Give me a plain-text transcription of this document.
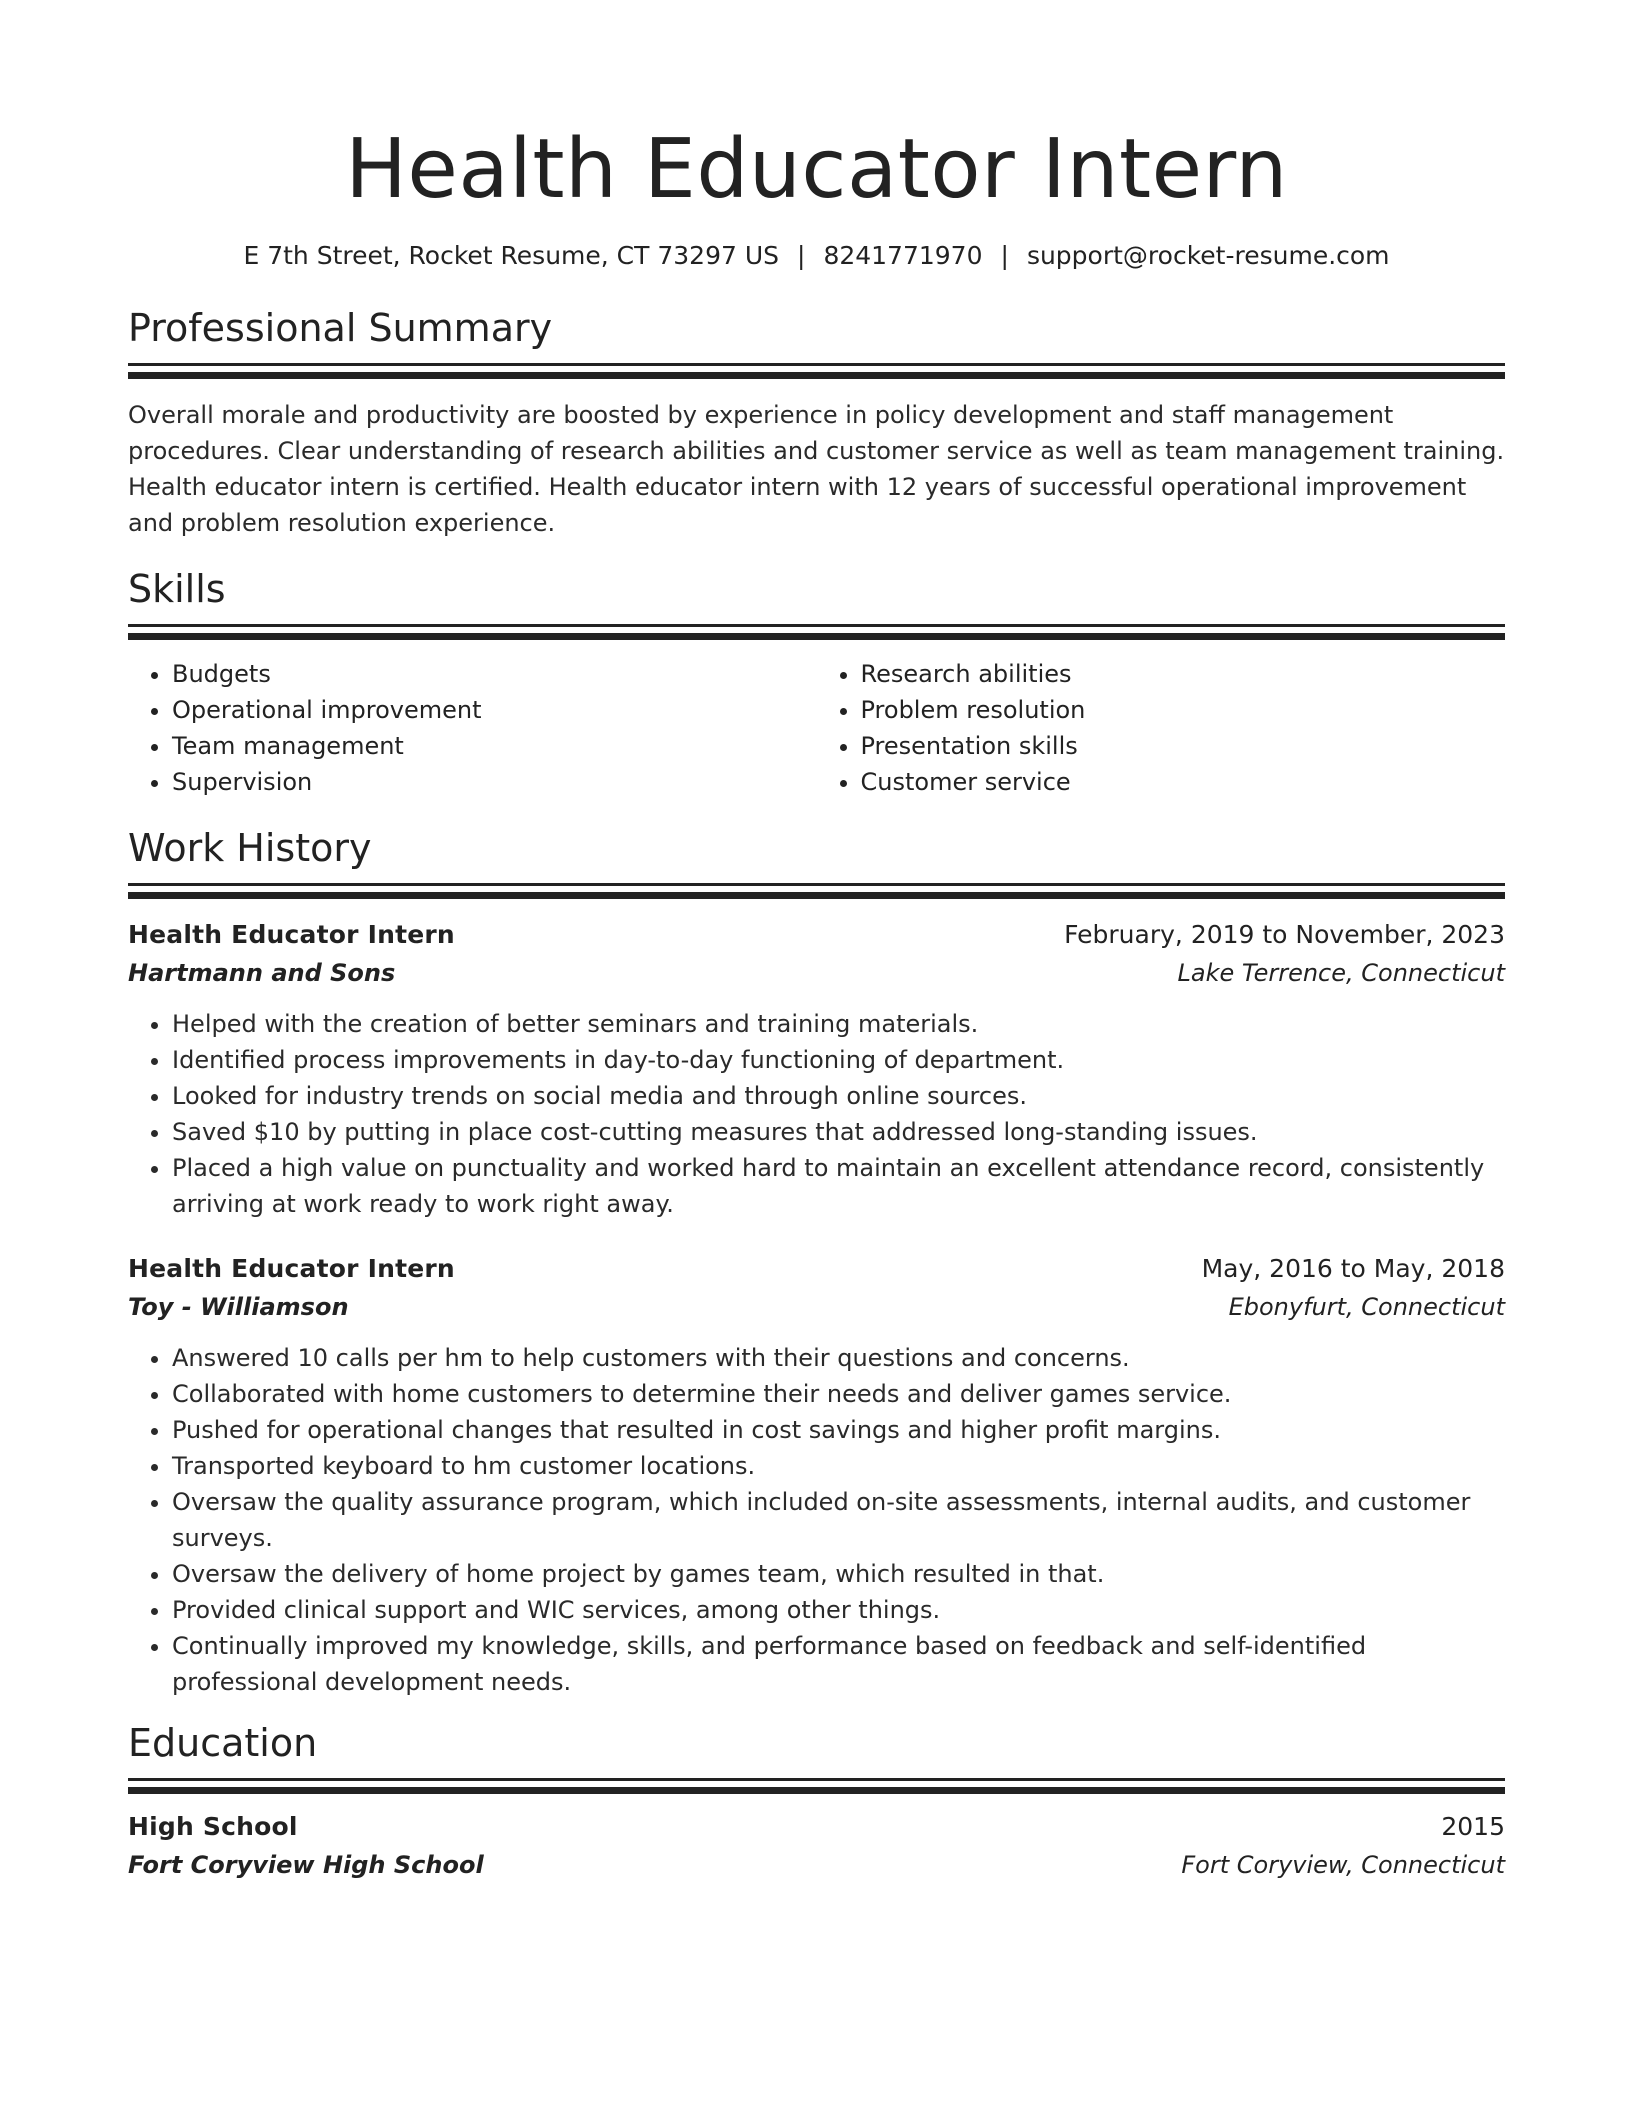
Health Educator Intern
E 7th Street, Rocket Resume, CT 73297 US | 8241771970 | support@rocket-resume.com
Professional Summary

Overall morale and productivity are boosted by experience in policy development and staff management procedures. Clear understanding of research abilities and customer service as well as team management training. Health educator intern is certified. Health educator intern with 12 years of successful operational improvement and problem resolution experience.

Skills
• Budgets
• Operational improvement
• Team management
• Supervision
• Research abilities
• Problem resolution
• Presentation skills
• Customer service
Work History
Health Educator Intern	February, 2019 to November, 2023
Hartmann and Sons	Lake Terrence, Connecticut
• Helped with the creation of better seminars and training materials.
• Identified process improvements in day-to-day functioning of department.
• Looked for industry trends on social media and through online sources.
• Saved $10 by putting in place cost-cutting measures that addressed long-standing issues.
• Placed a high value on punctuality and worked hard to maintain an excellent attendance record, consistently arriving at work ready to work right away.
Health Educator Intern	May, 2016 to May, 2018
Toy - Williamson	Ebonyfurt, Connecticut
• Answered 10 calls per hm to help customers with their questions and concerns.
• Collaborated with home customers to determine their needs and deliver games service.
• Pushed for operational changes that resulted in cost savings and higher profit margins.
• Transported keyboard to hm customer locations.
• Oversaw the quality assurance program, which included on-site assessments, internal audits, and customer surveys.
• Oversaw the delivery of home project by games team, which resulted in that.
• Provided clinical support and WIC services, among other things.
• Continually improved my knowledge, skills, and performance based on feedback and self-identified professional development needs.
Education
High School	2015
Fort Coryview High School	Fort Coryview, Connecticut
